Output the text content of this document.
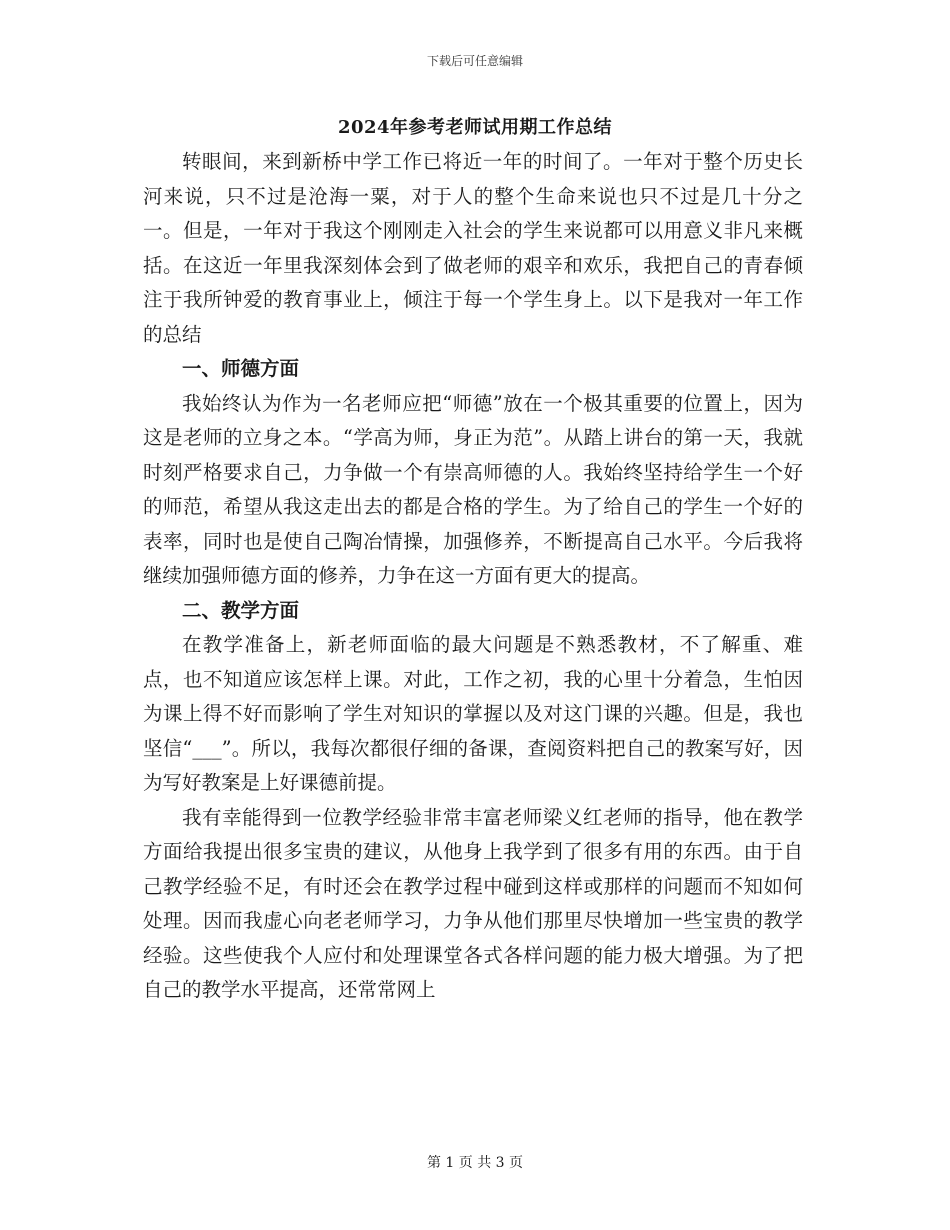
下载后可任意编辑
2024年参考老师试用期工作总结

转眼间，来到新桥中学工作已将近一年的时间了。一年对于整个历史长河来说，只不过是沧海一粟，对于人的整个生命来说也只不过是几十分之一。但是，一年对于我这个刚刚走入社会的学生来说都可以用意义非凡来概括。在这近一年里我深刻体会到了做老师的艰辛和欢乐，我把自己的青春倾注于我所钟爱的教育事业上，倾注于每一个学生身上。以下是我对一年工作的总结

一、师德方面

我始终认为作为一名老师应把“师德”放在一个极其重要的位置上，因为这是老师的立身之本。“学高为师，身正为范”。从踏上讲台的第一天，我就时刻严格要求自己，力争做一个有崇高师德的人。我始终坚持给学生一个好的师范，希望从我这走出去的都是合格的学生。为了给自己的学生一个好的表率，同时也是使自己陶冶情操，加强修养，不断提高自己水平。今后我将继续加强师德方面的修养，力争在这一方面有更大的提高。

二、教学方面

在教学准备上，新老师面临的最大问题是不熟悉教材，不了解重、难点，也不知道应该怎样上课。对此，工作之初，我的心里十分着急，生怕因为课上得不好而影响了学生对知识的掌握以及对这门课的兴趣。但是，我也坚信“___”。所以，我每次都很仔细的备课，查阅资料把自己的教案写好，因为写好教案是上好课德前提。

我有幸能得到一位教学经验非常丰富老师梁义红老师的指导，他在教学方面给我提出很多宝贵的建议，从他身上我学到了很多有用的东西。由于自己教学经验不足，有时还会在教学过程中碰到这样或那样的问题而不知如何处理。因而我虚心向老老师学习，力争从他们那里尽快增加一些宝贵的教学经验。这些使我个人应付和处理课堂各式各样问题的能力极大增强。为了把自己的教学水平提高，还常常网上

第 1 页 共 3 页
